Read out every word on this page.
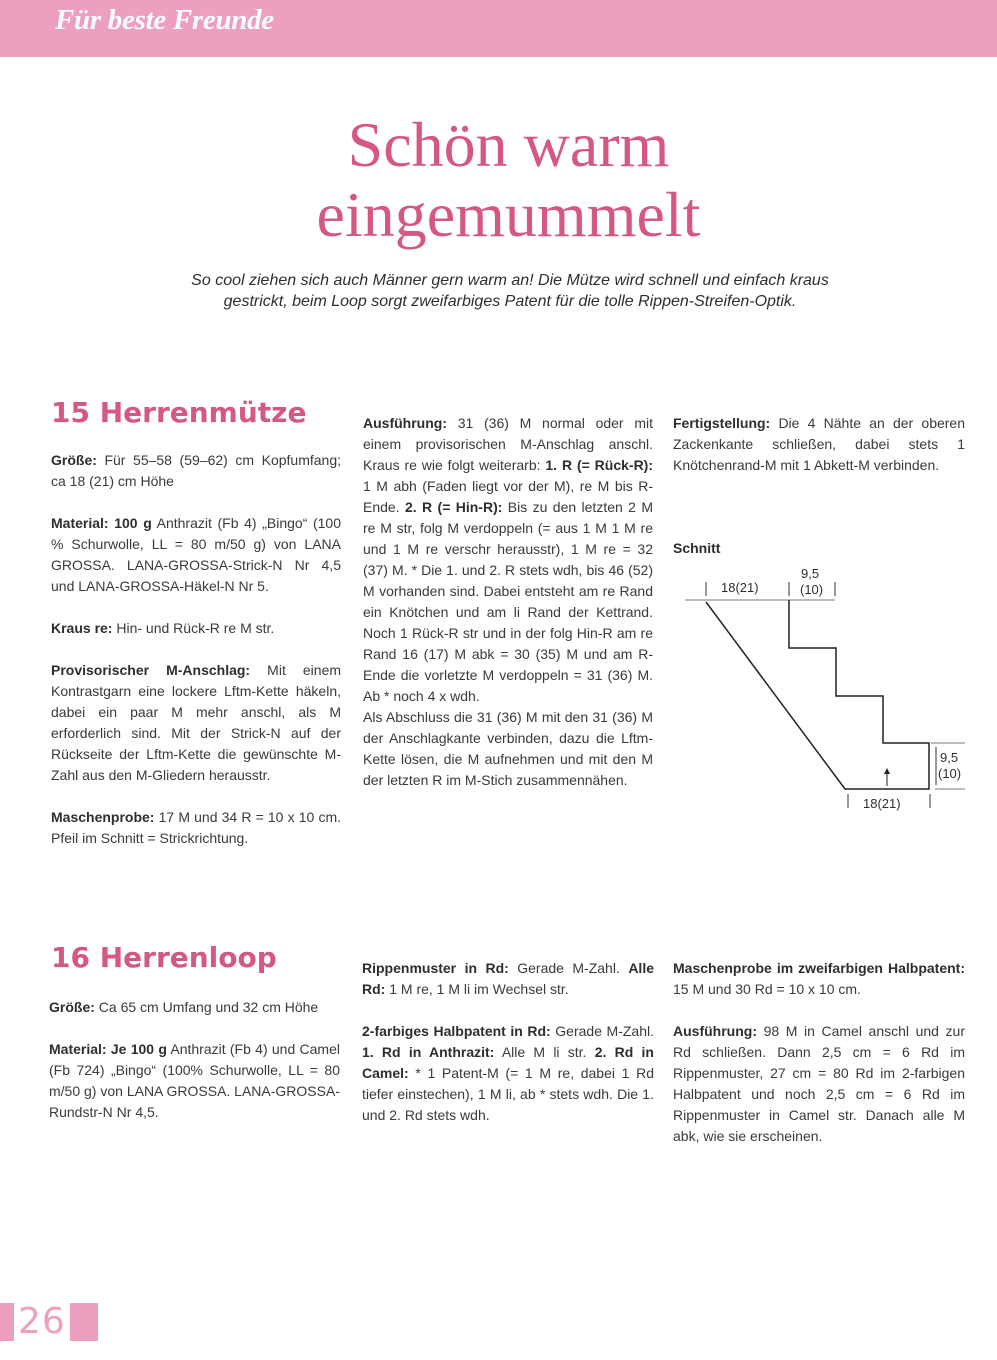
Für beste Freunde
Schön warm
eingemummelt
So cool ziehen sich auch Männer gern warm an! Die Mütze wird schnell und einfach kraus gestrickt, beim Loop sorgt zweifarbiges Patent für die tolle Rippen-Streifen-Optik.
15 Herrenmütze

Größe: Für 55–58 (59–62) cm Kopfumfang; ca 18 (21) cm Höhe

Material: 100 g Anthrazit (Fb 4) „Bingo“ (100 % Schurwolle, LL = 80 m/50 g) von LANA GROSSA. LANA-GROSSA-Strick-N Nr 4,5 und LANA-GROSSA-Häkel-N Nr 5.

Kraus re: Hin- und Rück-R re M str.

Provisorischer M-Anschlag: Mit einem Kontrastgarn eine lockere Lftm-Kette häkeln, dabei ein paar M mehr anschl, als M erforderlich sind. Mit der Strick-N auf der Rückseite der Lftm-Kette die gewünschte M-Zahl aus den M-Gliedern herausstr.

Maschenprobe: 17 M und 34 R = 10 x 10 cm. Pfeil im Schnitt = Strickrichtung.

Ausführung: 31 (36) M normal oder mit einem provisorischen M-Anschlag anschl. Kraus re wie folgt weiterarb: 1. R (= Rück-R): 1 M abh (Faden liegt vor der M), re M bis R-Ende. 2. R (= Hin-R): Bis zu den letzten 2 M re M str, folg M verdoppeln (= aus 1 M 1 M re und 1 M re verschr herausstr), 1 M re = 32 (37) M. * Die 1. und 2. R stets wdh, bis 46 (52) M vorhanden sind. Dabei entsteht am re Rand ein Knötchen und am li Rand der Kettrand. Noch 1 Rück-R str und in der folg Hin-R am re Rand 16 (17) M abk = 30 (35) M und am R-Ende die vorletzte M verdoppeln = 31 (36) M. Ab * noch 4 x wdh.

Als Abschluss die 31 (36) M mit den 31 (36) M der Anschlagkante verbinden, dazu die Lftm-Kette lösen, die M aufnehmen und mit den M der letzten R im M-Stich zusammennähen.

Fertigstellung: Die 4 Nähte an der oberen Zackenkante schließen, dabei stets 1 Knötchenrand-M mit 1 Abkett-M verbinden.

Schnitt
18(21)
9,5
(10)
9,5
(10)
18(21)
16 Herrenloop

Größe: Ca 65 cm Umfang und 32 cm Höhe

Material: Je 100 g Anthrazit (Fb 4) und Camel (Fb 724) „Bingo“ (100% Schurwolle, LL = 80 m/50 g) von LANA GROSSA. LANA-GROSSA-Rundstr-N Nr 4,5.

Rippenmuster in Rd: Gerade M-Zahl. Alle Rd: 1 M re, 1 M li im Wechsel str.

2-farbiges Halbpatent in Rd: Gerade M-Zahl. 1. Rd in Anthrazit: Alle M li str. 2. Rd in Camel: * 1 Patent-M (= 1 M re, dabei 1 Rd tiefer einstechen), 1 M li, ab * stets wdh. Die 1. und 2. Rd stets wdh.

Maschenprobe im zweifarbigen Halbpatent: 15 M und 30 Rd = 10 x 10 cm.

Ausführung: 98 M in Camel anschl und zur Rd schließen. Dann 2,5 cm = 6 Rd im Rippenmuster, 27 cm = 80 Rd im 2-farbigen Halbpatent und noch 2,5 cm = 6 Rd im Rippenmuster in Camel str. Danach alle M abk, wie sie erscheinen.

26
